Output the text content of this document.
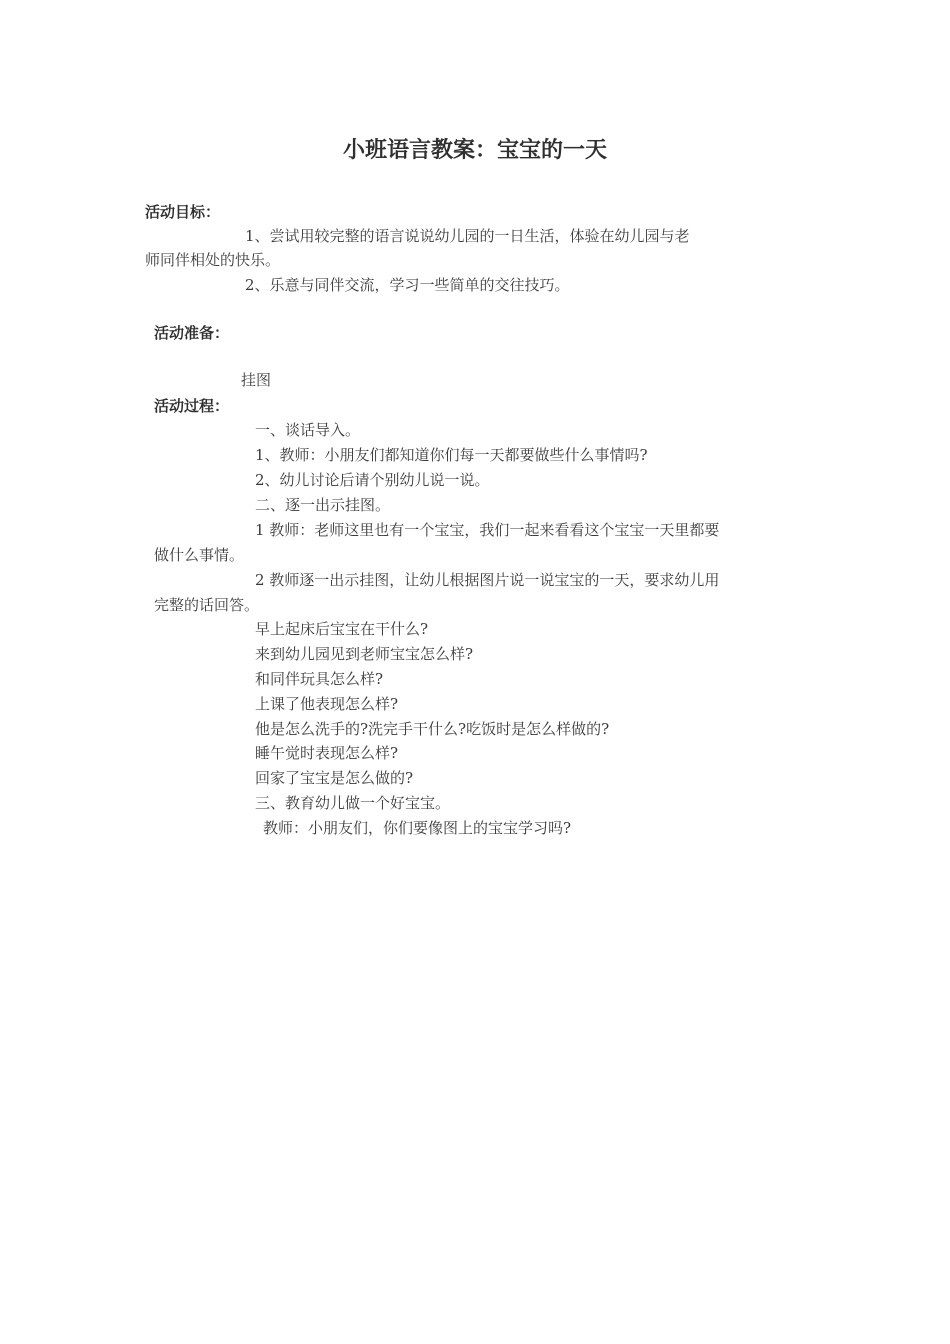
小班语言教案：宝宝的一天
活动目标：
1、尝试用较完整的语言说说幼儿园的一日生活，体验在幼儿园与老
师同伴相处的快乐。
2、乐意与同伴交流，学习一些简单的交往技巧。
活动准备：
挂图
活动过程：
一、谈话导入。
1、教师：小朋友们都知道你们每一天都要做些什么事情吗?
2、幼儿讨论后请个别幼儿说一说。
二、逐一出示挂图。
1 教师：老师这里也有一个宝宝，我们一起来看看这个宝宝一天里都要
做什么事情。
2 教师逐一出示挂图，让幼儿根据图片说一说宝宝的一天，要求幼儿用
完整的话回答。
早上起床后宝宝在干什么?
来到幼儿园见到老师宝宝怎么样?
和同伴玩具怎么样?
上课了他表现怎么样?
他是怎么洗手的?洗完手干什么?吃饭时是怎么样做的?
睡午觉时表现怎么样?
回家了宝宝是怎么做的?
三、教育幼儿做一个好宝宝。
教师：小朋友们，你们要像图上的宝宝学习吗?
